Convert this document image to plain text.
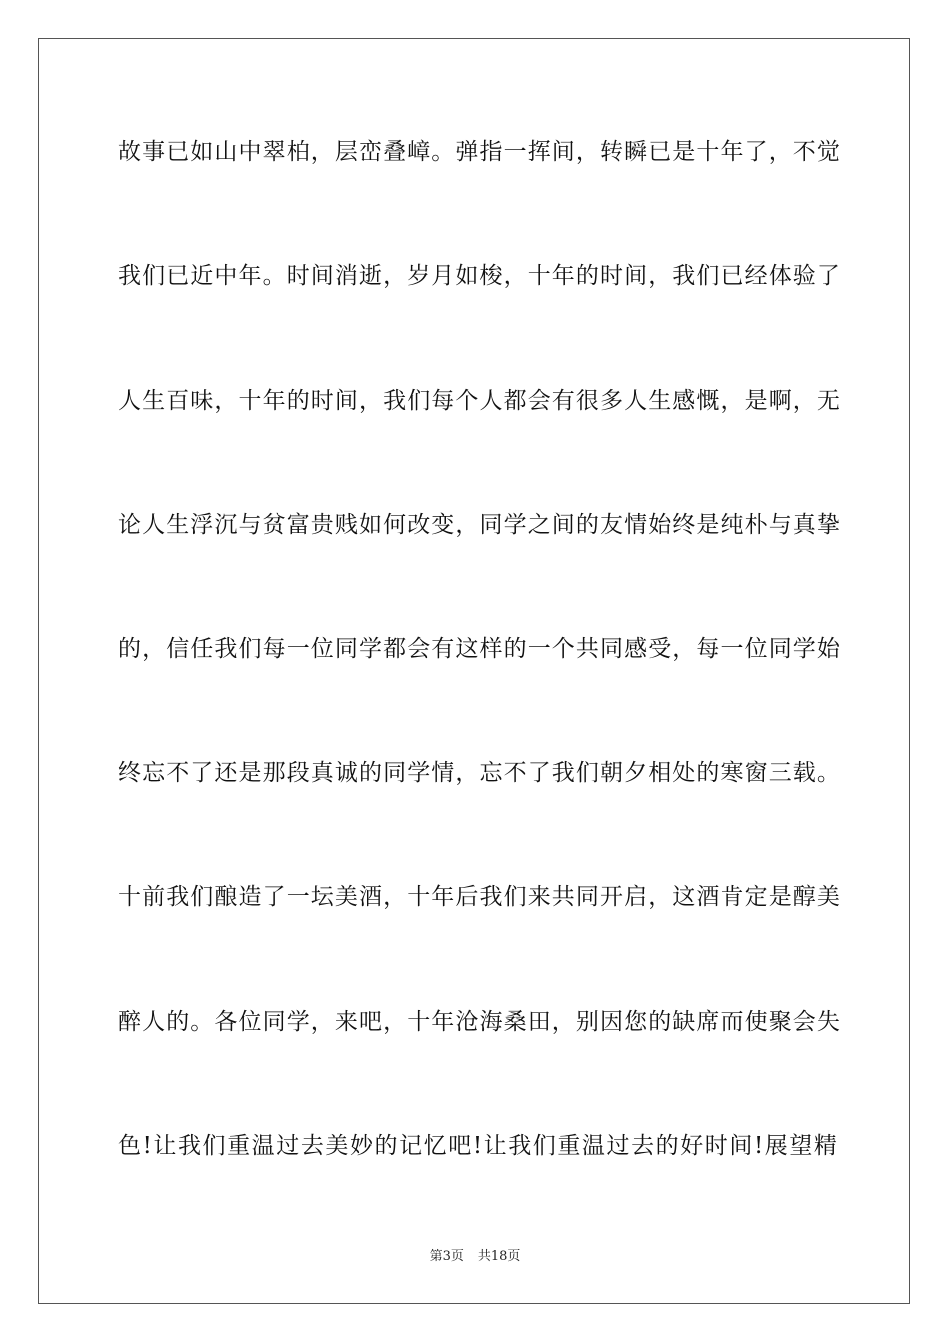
故事已如山中翠柏，层峦叠嶂。弹指一挥间，转瞬已是十年了，不觉
我们已近中年。时间消逝，岁月如梭，十年的时间，我们已经体验了
人生百味，十年的时间，我们每个人都会有很多人生感慨，是啊，无
论人生浮沉与贫富贵贱如何改变，同学之间的友情始终是纯朴与真挚
的，信任我们每一位同学都会有这样的一个共同感受，每一位同学始
终忘不了还是那段真诚的同学情，忘不了我们朝夕相处的寒窗三载。
十前我们酿造了一坛美酒，十年后我们来共同开启，这酒肯定是醇美
醉人的。各位同学，来吧，十年沧海桑田，别因您的缺席而使聚会失
色!让我们重温过去美妙的记忆吧!让我们重温过去的好时间!展望精
第3页 共18页
